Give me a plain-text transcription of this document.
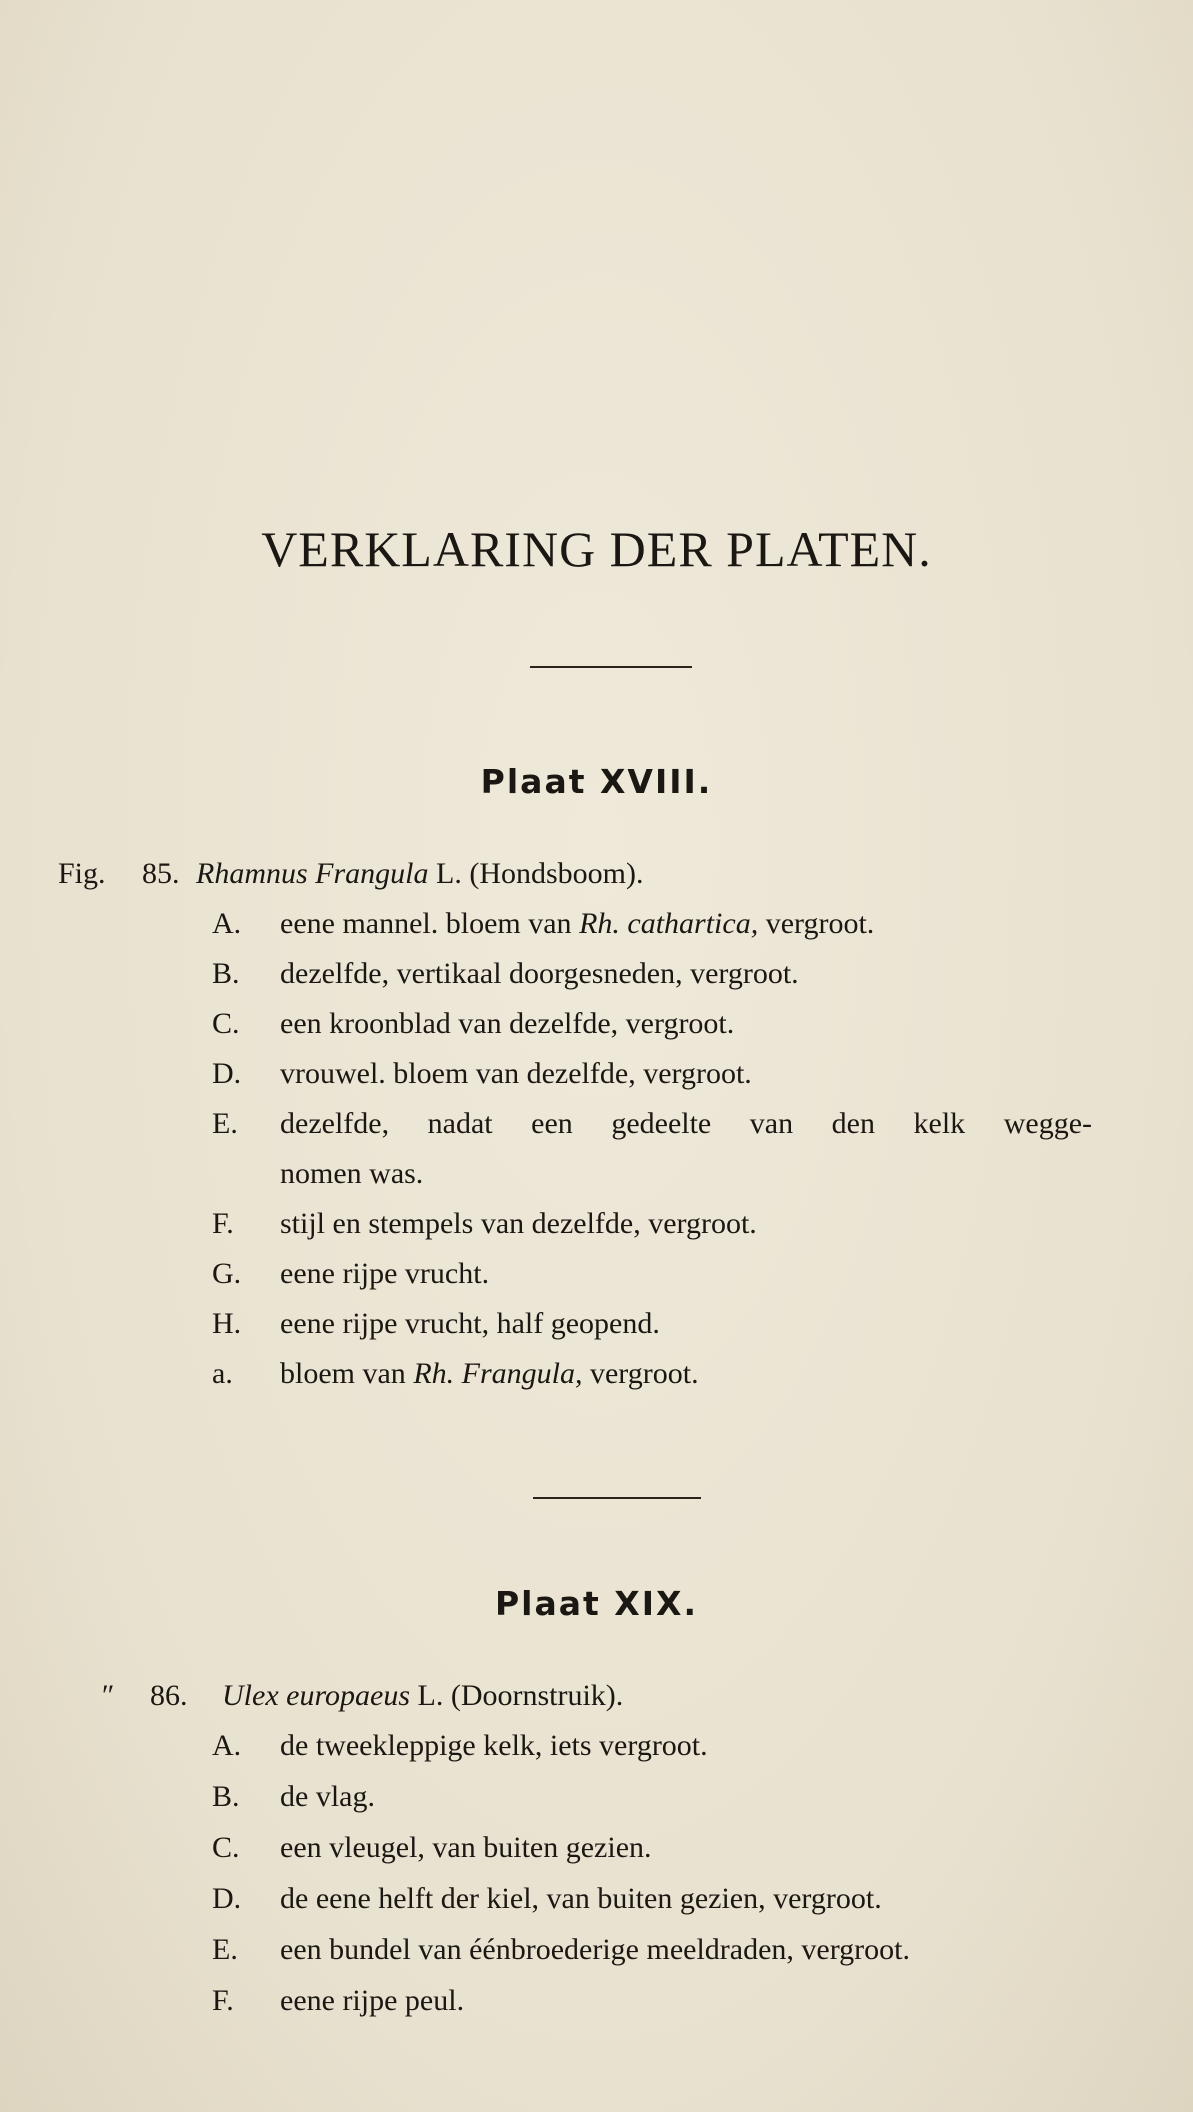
VERKLARING DER PLATEN.
Plaat XVIII.
Fig. 85. Rhamnus Frangula L. (Hondsboom).
A. eene mannel. bloem van Rh. cathartica, vergroot.
B. dezelfde, vertikaal doorgesneden, vergroot.
C. een kroonblad van dezelfde, vergroot.
D. vrouwel. bloem van dezelfde, vergroot.
E. dezelfde, nadat een gedeelte van den kelk wegge-
nomen was.
F. stijl en stempels van dezelfde, vergroot.
G. eene rijpe vrucht.
H. eene rijpe vrucht, half geopend.
a. bloem van Rh. Frangula, vergroot.
Plaat XIX.
″ 86. Ulex europaeus L. (Doornstruik).
A. de tweekleppige kelk, iets vergroot.
B. de vlag.
C. een vleugel, van buiten gezien.
D. de eene helft der kiel, van buiten gezien, vergroot.
E. een bundel van éénbroederige meeldraden, vergroot.
F. eene rijpe peul.
